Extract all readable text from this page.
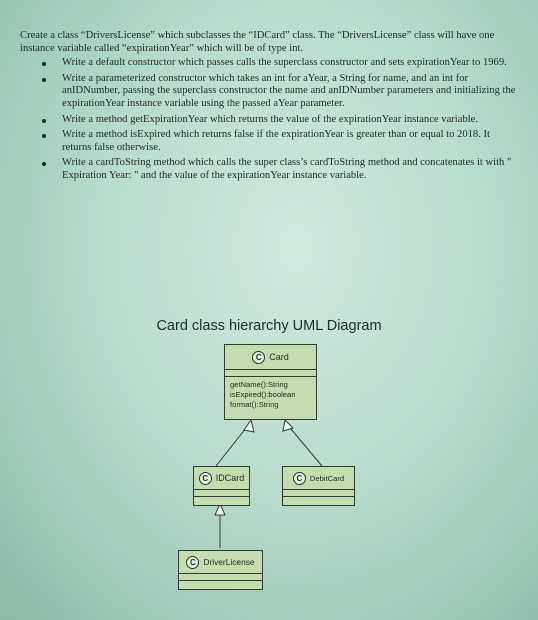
Create a class “DriversLicense” which subclasses the “IDCard” class. The “DriversLicense” class will have one instance variable called “expirationYear” which will be of type int.

Write a default constructor which passes calls the superclass constructor and sets expirationYear to 1969.
Write a parameterized constructor which takes an int for aYear, a String for name, and an int for anIDNumber, passing the superclass constructor the name and anIDNumber parameters and initializing the expirationYear instance variable using the passed aYear parameter.
Write a method getExpirationYear which returns the value of the expirationYear instance variable.
Write a method isExpired which returns false if the expirationYear is greater than or equal to 2018. It returns false otherwise.
Write a cardToString method which calls the super class’s cardToString method and concatenates it with " Expiration Year: " and the value of the expirationYear instance variable.
Card class hierarchy UML Diagram
C Card
getName():String
isExpired():boolean
format():String
C IDCard	C	DebitCard
C DriverLicense
